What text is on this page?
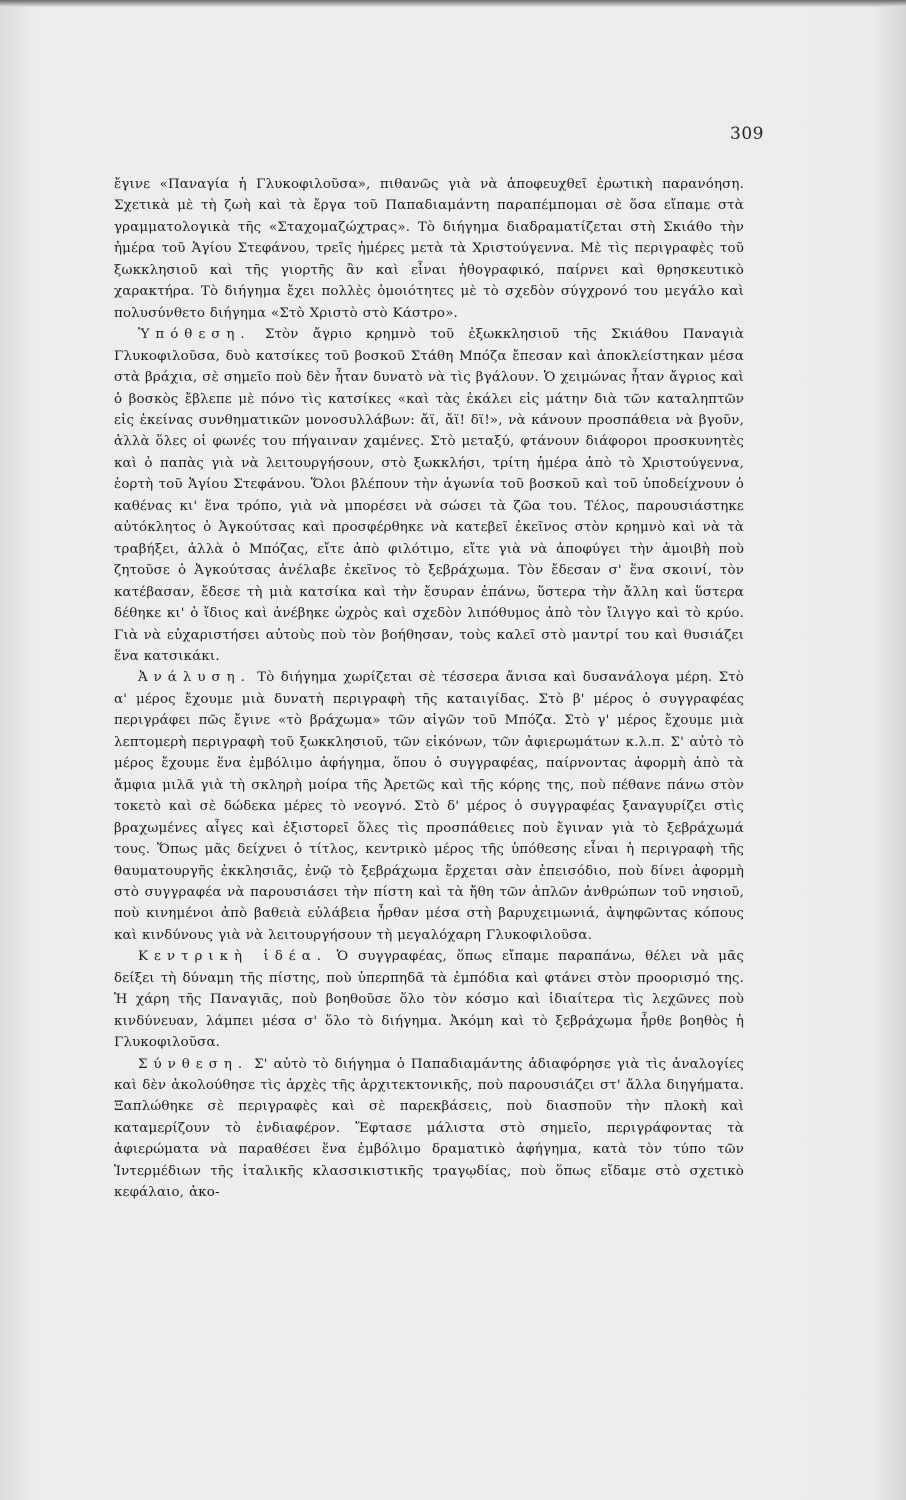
309

ἔγινε «Παναγία ἡ Γλυκοφιλοῦσα», πιθανῶς γιὰ νὰ ἀποφευχθεῖ ἐρωτικὴ παρανόηση. Σχετικὰ μὲ τὴ ζωὴ καὶ τὰ ἔργα τοῦ Παπαδιαμάντη παραπέμπομαι σὲ ὅσα εἴπαμε στὰ γραμματολογικὰ τῆς «Σταχομαζώχτρας». Τὸ διήγημα διαδραματίζεται στὴ Σκιάθο τὴν ἡμέρα τοῦ Ἁγίου Στεφάνου, τρεῖς ἡμέρες μετὰ τὰ Χριστούγεννα. Μὲ τὶς περιγραφὲς τοῦ ξωκκλησιοῦ καὶ τῆς γιορτῆς ἂν καὶ εἶναι ἠθογραφικό, παίρνει καὶ θρησκευτικὸ χαρακτήρα. Τὸ διήγημα ἔχει πολλὲς ὁμοιότητες μὲ τὸ σχεδὸν σύγχρονό του μεγάλο καὶ πολυσύνθετο διήγημα «Στὸ Χριστὸ στὸ Κάστρο».

Ὑπόθεση. Στὸν ἄγριο κρημνὸ τοῦ ἐξωκκλησιοῦ τῆς Σκιάθου Παναγιὰ Γλυκοφιλοῦσα, δυὸ κατσίκες τοῦ βοσκοῦ Στάθη Μπόζα ἔπεσαν καὶ ἀποκλείστηκαν μέσα στὰ βράχια, σὲ σημεῖο ποὺ δὲν ἦταν δυνατὸ νὰ τὶς βγάλουν. Ὁ χειμώνας ἦταν ἄγριος καὶ ὁ βοσκὸς ἔβλεπε μὲ πόνο τὶς κατσίκες «καὶ τὰς ἐκάλει εἰς μάτην διὰ τῶν καταληπτῶν εἰς ἐκείνας συνθηματικῶν μονοσυλλάβων: ἄϊ, ἄϊ! δϊ!», νὰ κάνουν προσπάθεια νὰ βγοῦν, ἀλλὰ ὅλες οἱ φωνές του πήγαιναν χαμένες. Στὸ μεταξύ, φτάνουν διάφοροι προσκυνητὲς καὶ ὁ παπὰς γιὰ νὰ λειτουργήσουν, στὸ ξωκκλήσι, τρίτη ἡμέρα ἀπὸ τὸ Χριστούγεννα, ἑορτὴ τοῦ Ἁγίου Στεφάνου. Ὅλοι βλέπουν τὴν ἀγωνία τοῦ βοσκοῦ καὶ τοῦ ὑποδείχνουν ὁ καθένας κι' ἕνα τρόπο, γιὰ νὰ μπορέσει νὰ σώσει τὰ ζῶα του. Τέλος, παρουσιάστηκε αὐτόκλητος ὁ Ἀγκούτσας καὶ προσφέρθηκε νὰ κατεβεῖ ἐκεῖνος στὸν κρημνὸ καὶ νὰ τὰ τραβήξει, ἀλλὰ ὁ Μπόζας, εἴτε ἀπὸ φιλότιμο, εἴτε γιὰ νὰ ἀποφύγει τὴν ἀμοιβὴ ποὺ ζητοῦσε ὁ Ἀγκούτσας ἀνέλαβε ἐκεῖνος τὸ ξεβράχωμα. Τὸν ἔδεσαν σ' ἕνα σκοινί, τὸν κατέβασαν, ἔδεσε τὴ μιὰ κατσίκα καὶ τὴν ἔσυραν ἐπάνω, ὕστερα τὴν ἄλλη καὶ ὕστερα δέθηκε κι' ὁ ἴδιος καὶ ἀνέβηκε ὠχρὸς καὶ σχεδὸν λιπόθυμος ἀπὸ τὸν ἴλιγγο καὶ τὸ κρύο. Γιὰ νὰ εὐχαριστήσει αὐτοὺς ποὺ τὸν βοήθησαν, τοὺς καλεῖ στὸ μαντρί του καὶ θυσιάζει ἕνα κατσικάκι.

Ἀνάλυση. Τὸ διήγημα χωρίζεται σὲ τέσσερα ἄνισα καὶ δυσανάλογα μέρη. Στὸ α' μέρος ἔχουμε μιὰ δυνατὴ περιγραφὴ τῆς καταιγίδας. Στὸ β' μέρος ὁ συγγραφέας περιγράφει πῶς ἔγινε «τὸ βράχωμα» τῶν αἰγῶν τοῦ Μπόζα. Στὸ γ' μέρος ἔχουμε μιὰ λεπτομερὴ περιγραφὴ τοῦ ξωκκλησιοῦ, τῶν εἰκόνων, τῶν ἀφιερωμάτων κ.λ.π. Σ' αὐτὸ τὸ μέρος ἔχουμε ἕνα ἐμβόλιμο ἀφήγημα, ὅπου ὁ συγγραφέας, παίρνοντας ἀφορμὴ ἀπὸ τὰ ἄμφια μιλᾶ γιὰ τὴ σκληρὴ μοίρα τῆς Ἀρετῶς καὶ τῆς κόρης της, ποὺ πέθανε πάνω στὸν τοκετὸ καὶ σὲ δώδεκα μέρες τὸ νεογνό. Στὸ δ' μέρος ὁ συγγραφέας ξαναγυρίζει στὶς βραχωμένες αἶγες καὶ ἐξιστορεῖ ὅλες τὶς προσπάθειες ποὺ ἔγιναν γιὰ τὸ ξεβράχωμά τους. Ὅπως μᾶς δείχνει ὁ τίτλος, κεντρικὸ μέρος τῆς ὑπόθεσης εἶναι ἡ περιγραφὴ τῆς θαυματουργῆς ἐκκλησιᾶς, ἐνῷ τὸ ξεβράχωμα ἔρχεται σὰν ἐπεισόδιο, ποὺ δίνει ἀφορμὴ στὸ συγγραφέα νὰ παρουσιάσει τὴν πίστη καὶ τὰ ἤθη τῶν ἁπλῶν ἀνθρώπων τοῦ νησιοῦ, ποὺ κινημένοι ἀπὸ βαθειὰ εὐλάβεια ἦρθαν μέσα στὴ βαρυχειμωνιά, ἀψηφῶντας κόπους καὶ κινδύνους γιὰ νὰ λειτουργήσουν τὴ μεγαλόχαρη Γλυκοφιλοῦσα.

Κεντρικὴ ἰδέα. Ὁ συγγραφέας, ὅπως εἴπαμε παραπάνω, θέλει νὰ μᾶς δείξει τὴ δύναμη τῆς πίστης, ποὺ ὑπερπηδᾶ τὰ ἐμπόδια καὶ φτάνει στὸν προορισμό της. Ἡ χάρη τῆς Παναγιᾶς, ποὺ βοηθοῦσε ὅλο τὸν κόσμο καὶ ἰδιαίτερα τὶς λεχῶνες ποὺ κινδύνευαν, λάμπει μέσα σ' ὅλο τὸ διήγημα. Ἀκόμη καὶ τὸ ξεβράχωμα ἦρθε βοηθὸς ἡ Γλυκοφιλοῦσα.

Σύνθεση. Σ' αὐτὸ τὸ διήγημα ὁ Παπαδιαμάντης ἀδιαφόρησε γιὰ τὶς ἀναλογίες καὶ δὲν ἀκολούθησε τὶς ἀρχὲς τῆς ἀρχιτεκτονικῆς, ποὺ παρουσιάζει στ' ἄλλα διηγήματα. Ξαπλώθηκε σὲ περιγραφὲς καὶ σὲ παρεκβάσεις, ποὺ διασποῦν τὴν πλοκὴ καὶ καταμερίζουν τὸ ἐνδιαφέρον. Ἔφτασε μάλιστα στὸ σημεῖο, περιγράφοντας τὰ ἀφιερώματα νὰ παραθέσει ἕνα ἐμβόλιμο δραματικὸ ἀφήγημα, κατὰ τὸν τύπο τῶν Ἰντερμέδιων τῆς ἰταλικῆς κλασσικιστικῆς τραγῳδίας, ποὺ ὅπως εἴδαμε στὸ σχετικὸ κεφάλαιο, ἀκο-
